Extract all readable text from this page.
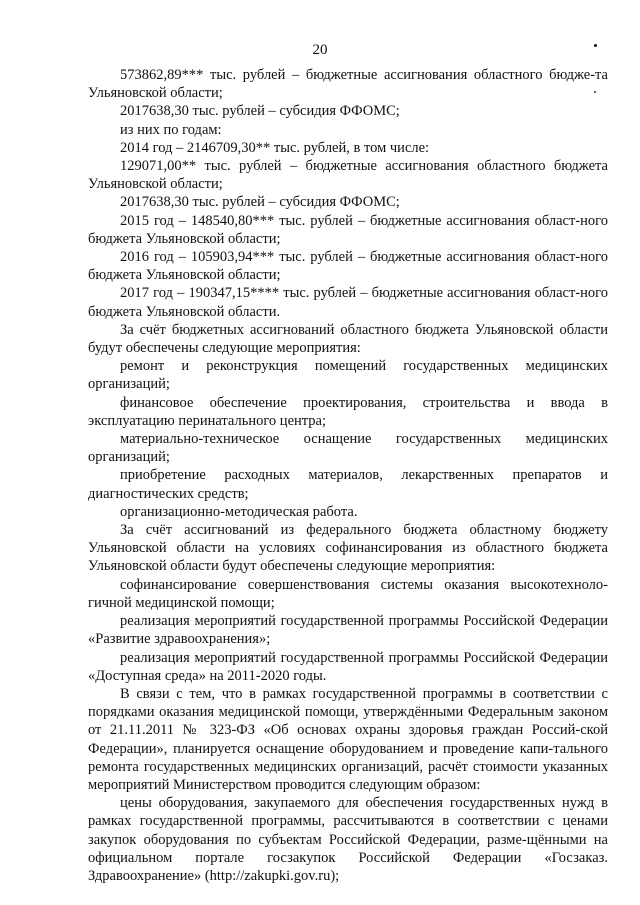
20

573862,89*** тыс. рублей – бюджетные ассигнования областного бюдже-та Ульяновской области;

2017638,30 тыс. рублей – субсидия ФФОМС;

из них по годам:

2014 год – 2146709,30** тыс. рублей, в том числе:

129071,00** тыс. рублей – бюджетные ассигнования областного бюджета Ульяновской области;

2017638,30 тыс. рублей – субсидия ФФОМС;

2015 год – 148540,80*** тыс. рублей – бюджетные ассигнования област-ного бюджета Ульяновской области;

2016 год – 105903,94*** тыс. рублей – бюджетные ассигнования област-ного бюджета Ульяновской области;

2017 год – 190347,15**** тыс. рублей – бюджетные ассигнования област-ного бюджета Ульяновской области.

За счёт бюджетных ассигнований областного бюджета Ульяновской области будут обеспечены следующие мероприятия:

ремонт и реконструкция помещений государственных медицинских организаций;

финансовое обеспечение проектирования, строительства и ввода в эксплуатацию перинатального центра;

материально-техническое оснащение государственных медицинских организаций;

приобретение расходных материалов, лекарственных препаратов и диагностических средств;

организационно-методическая работа.

За счёт ассигнований из федерального бюджета областному бюджету Ульяновской области на условиях софинансирования из областного бюджета Ульяновской области будут обеспечены следующие мероприятия:

софинансирование совершенствования системы оказания высокотехноло-гичной медицинской помощи;

реализация мероприятий государственной программы Российской Федерации «Развитие здравоохранения»;

реализация мероприятий государственной программы Российской Федерации «Доступная среда» на 2011-2020 годы.

В связи с тем, что в рамках государственной программы в соответствии с порядками оказания медицинской помощи, утверждёнными Федеральным законом от 21.11.2011 № 323-ФЗ «Об основах охраны здоровья граждан Россий-ской Федерации», планируется оснащение оборудованием и проведение капи-тального ремонта государственных медицинских организаций, расчёт стоимости указанных мероприятий Министерством проводится следующим образом:

цены оборудования, закупаемого для обеспечения государственных нужд в рамках государственной программы, рассчитываются в соответствии с ценами закупок оборудования по субъектам Российской Федерации, разме-щёнными на официальном портале госзакупок Российской Федерации «Госзаказ. Здравоохранение» (http://zakupki.gov.ru);
